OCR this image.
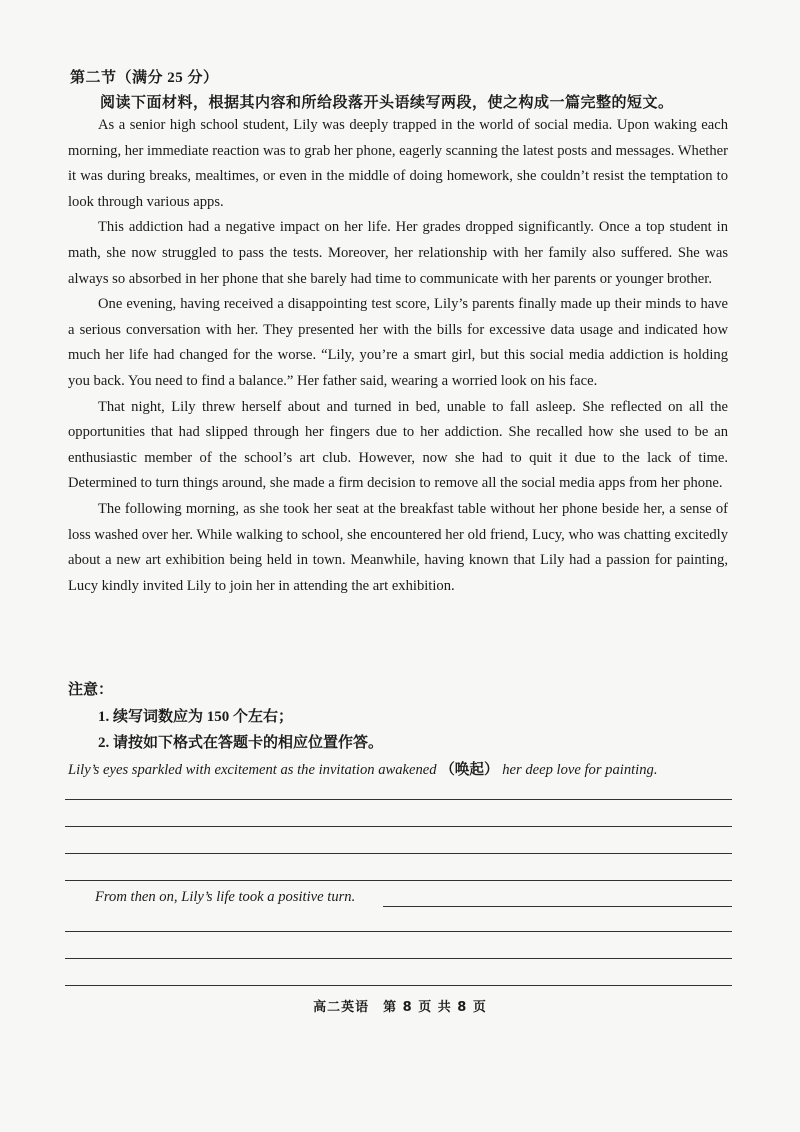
第二节（满分 25 分）
阅读下面材料，根据其内容和所给段落开头语续写两段，使之构成一篇完整的短文。

As a senior high school student, Lily was deeply trapped in the world of social media. Upon waking each morning, her immediate reaction was to grab her phone, eagerly scanning the latest posts and messages. Whether it was during breaks, mealtimes, or even in the middle of doing homework, she couldn’t resist the temptation to look through various apps.

This addiction had a negative impact on her life. Her grades dropped significantly. Once a top student in math, she now struggled to pass the tests. Moreover, her relationship with her family also suffered. She was always so absorbed in her phone that she barely had time to communicate with her parents or younger brother.

One evening, having received a disappointing test score, Lily’s parents finally made up their minds to have a serious conversation with her. They presented her with the bills for excessive data usage and indicated how much her life had changed for the worse. “Lily, you’re a smart girl, but this social media addiction is holding you back. You need to find a balance.” Her father said, wearing a worried look on his face.

That night, Lily threw herself about and turned in bed, unable to fall asleep. She reflected on all the opportunities that had slipped through her fingers due to her addiction. She recalled how she used to be an enthusiastic member of the school’s art club. However, now she had to quit it due to the lack of time. Determined to turn things around, she made a firm decision to remove all the social media apps from her phone.

The following morning, as she took her seat at the breakfast table without her phone beside her, a sense of loss washed over her. While walking to school, she encountered her old friend, Lucy, who was chatting excitedly about a new art exhibition being held in town. Meanwhile, having known that Lily had a passion for painting, Lucy kindly invited Lily to join her in attending the art exhibition.

注意：
1. 续写词数应为 150 个左右；
2. 请按如下格式在答题卡的相应位置作答。
Lily’s eyes sparkled with excitement as the invitation awakened （唤起） her deep love for painting.
From then on, Lily’s life took a positive turn.
高二英语　第 8 页 共 8 页
